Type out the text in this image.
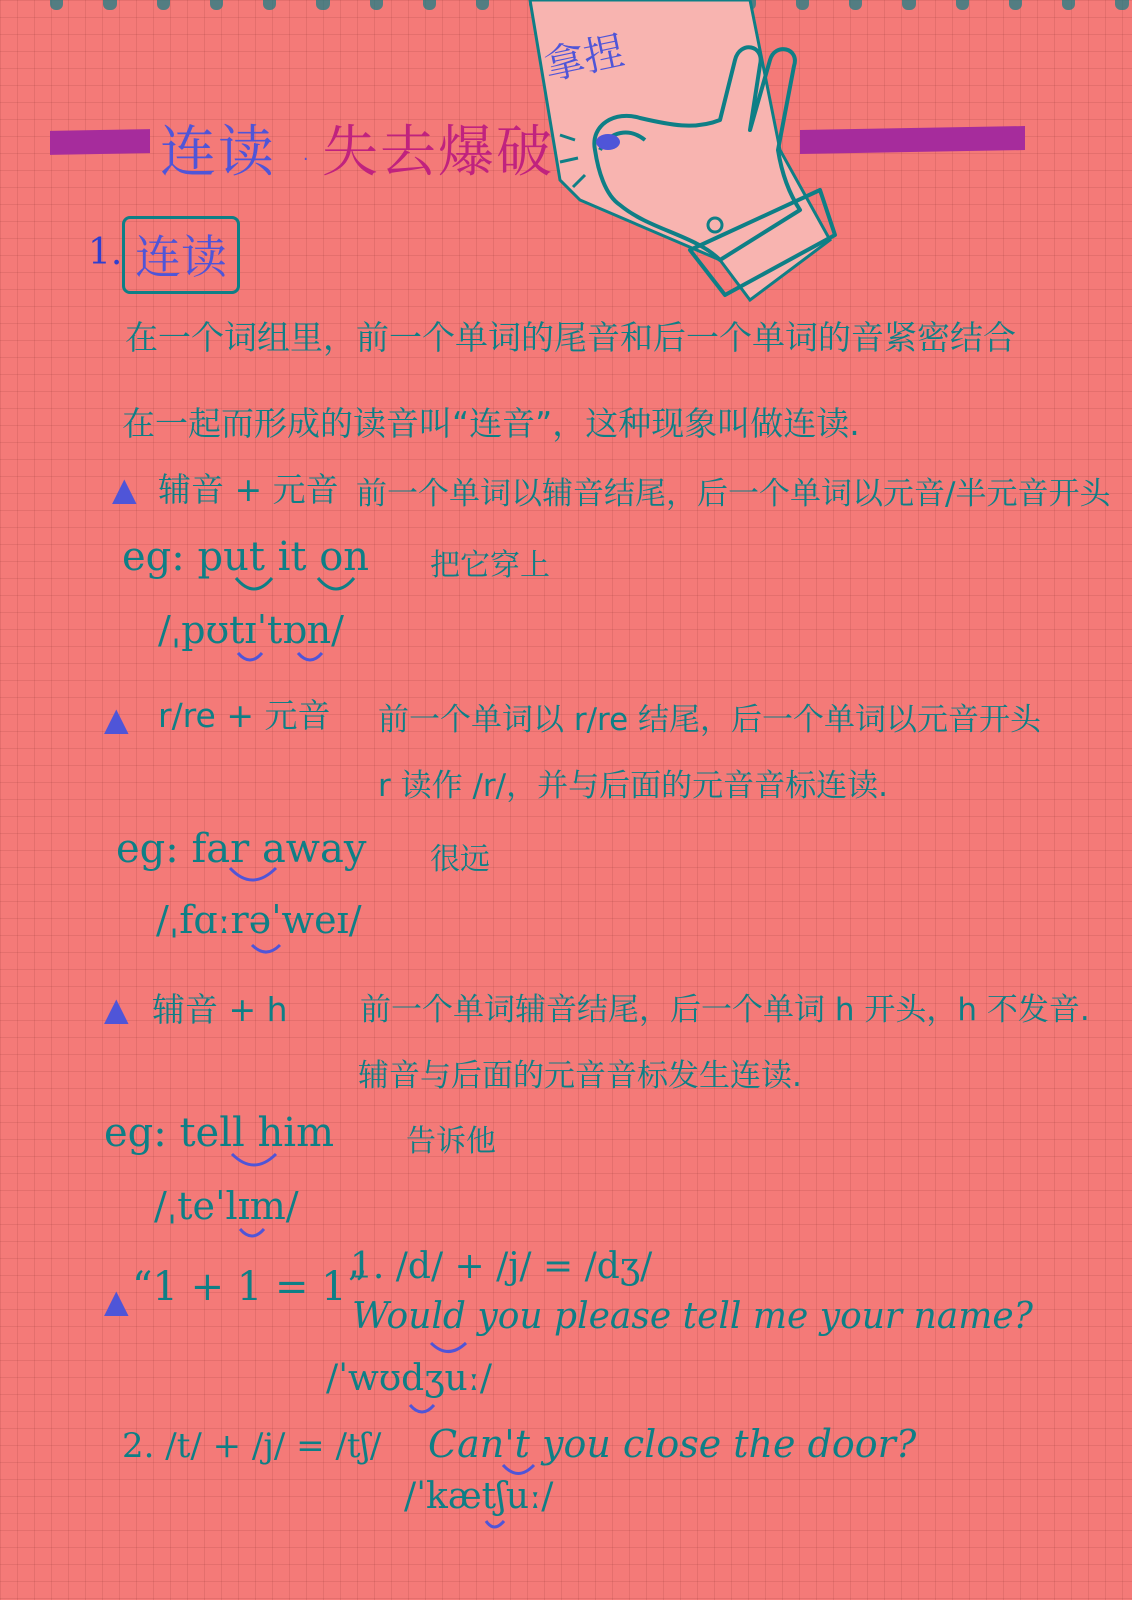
连读 . 失去爆破
拿捏
1. 连读
在一个词组里，前一个单词的尾音和后一个单词的音紧密结合
在一起而形成的读音叫“连音”，这种现象叫做连读.
▲ 辅音 + 元音 前一个单词以辅音结尾，后一个单词以元音/半元音开头
eg: put it on 把它穿上
/ˌpʊtɪˈtɒn/
▲ r/re + 元音 前一个单词以 r/re 结尾，后一个单词以元音开头
r 读作 /r/，并与后面的元音音标连读.
eg: far away 很远
/ˌfɑːrəˈweɪ/
▲ 辅音 + h 前一个单词辅音结尾，后一个单词 h 开头，h 不发音.
辅音与后面的元音音标发生连读.
eg: tell him 告诉他
/ˌteˈlɪm/
▲ “1 + 1 = 1”
1. /d/ + /j/ = /dʒ/
Would you please tell me your name?
/ˈwʊdʒuː/
2. /t/ + /j/ = /tʃ/ Can't you close the door?
/ˈkætʃuː/
